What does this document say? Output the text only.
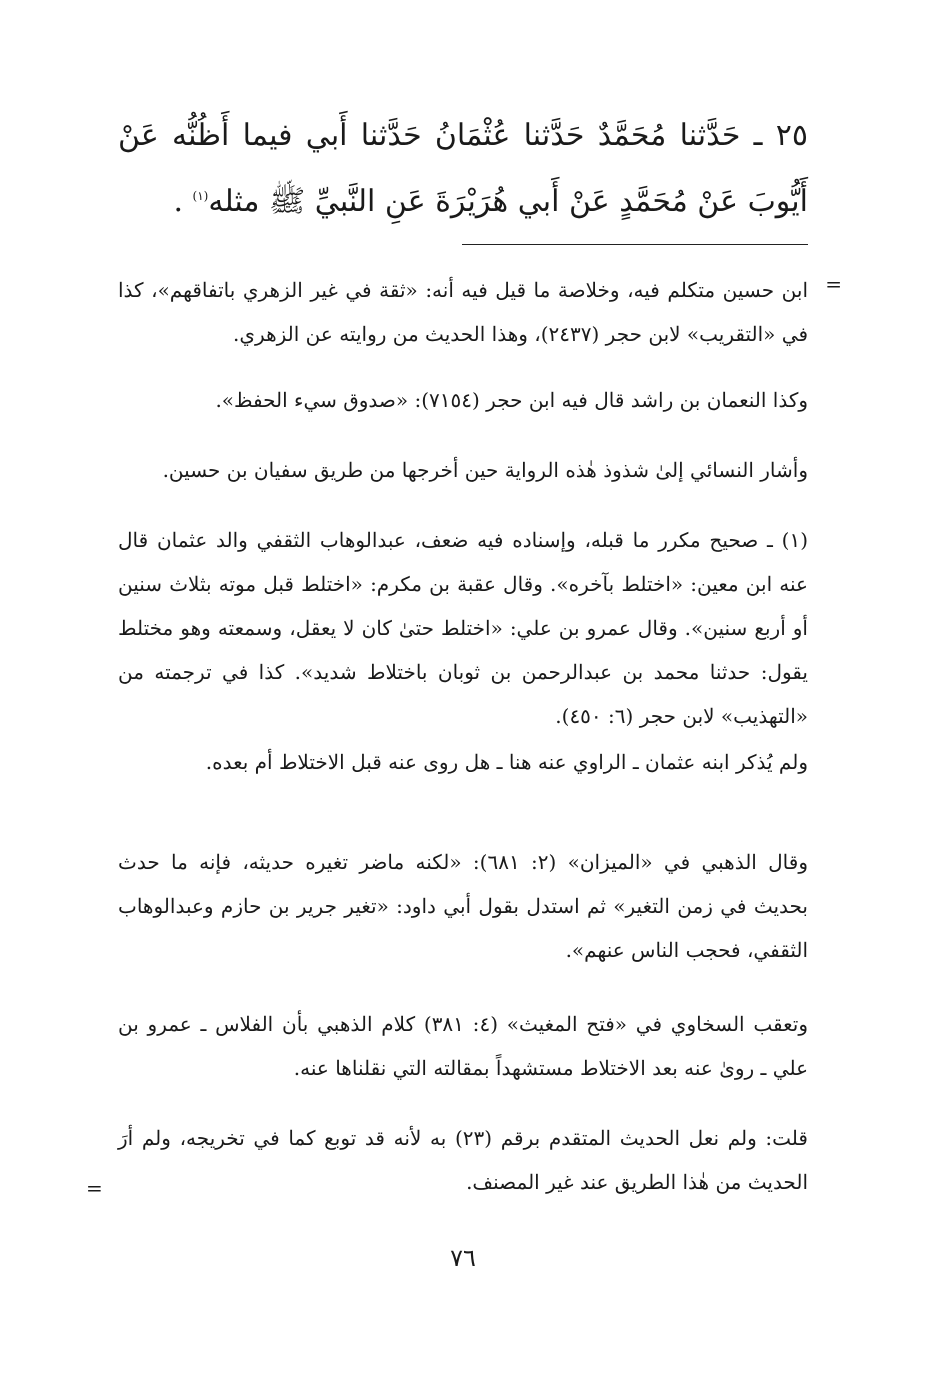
٢٥ ـ حَدَّثنا مُحَمَّدٌ حَدَّثنا عُثْمَانُ حَدَّثنا أَبي فيما أَظُنُّه عَنْ أَيُّوبَ عَنْ مُحَمَّدٍ عَنْ أَبي هُرَيْرَةَ عَنِ النَّبيِّ ﷺ مثله$^{(١)}$ .
=
ابن حسين متكلم فيه، وخلاصة ما قيل فيه أنه: «ثقة في غير الزهري باتفاقهم»، كذا في «التقريب» لابن حجر (٢٤٣٧)، وهذا الحديث من روايته عن الزهري.
وكذا النعمان بن راشد قال فيه ابن حجر (٧١٥٤): «صدوق سيء الحفظ».
وأشار النسائي إلىٰ شذوذ هٰذه الرواية حين أخرجها من طريق سفيان بن حسين.
(١) ـ صحيح مكرر ما قبله، وإسناده فيه ضعف، عبدالوهاب الثقفي والد عثمان قال عنه ابن معين: «اختلط بآخره». وقال عقبة بن مكرم: «اختلط قبل موته بثلاث سنين أو أربع سنين». وقال عمرو بن علي: «اختلط حتىٰ كان لا يعقل، وسمعته وهو مختلط يقول: حدثنا محمد بن عبدالرحمن بن ثوبان باختلاط شديد». كذا في ترجمته من «التهذيب» لابن حجر (٦: ٤٥٠).
ولم يُذكر ابنه عثمان ـ الراوي عنه هنا ـ هل روى عنه قبل الاختلاط أم بعده.
وقال الذهبي في «الميزان» (٢: ٦٨١): «لكنه ماضر تغيره حديثه، فإنه ما حدث بحديث في زمن التغير» ثم استدل بقول أبي داود: «تغير جرير بن حازم وعبدالوهاب الثقفي، فحجب الناس عنهم».
وتعقب السخاوي في «فتح المغيث» (٤: ٣٨١) كلام الذهبي بأن الفلاس ـ عمرو بن علي ـ روىٰ عنه بعد الاختلاط مستشهداً بمقالته التي نقلناها عنه.
قلت: ولم نعل الحديث المتقدم برقم (٢٣) به لأنه قد توبع كما في تخريجه، ولم أرَ الحديث من هٰذا الطريق عند غير المصنف.
=
٧٦
